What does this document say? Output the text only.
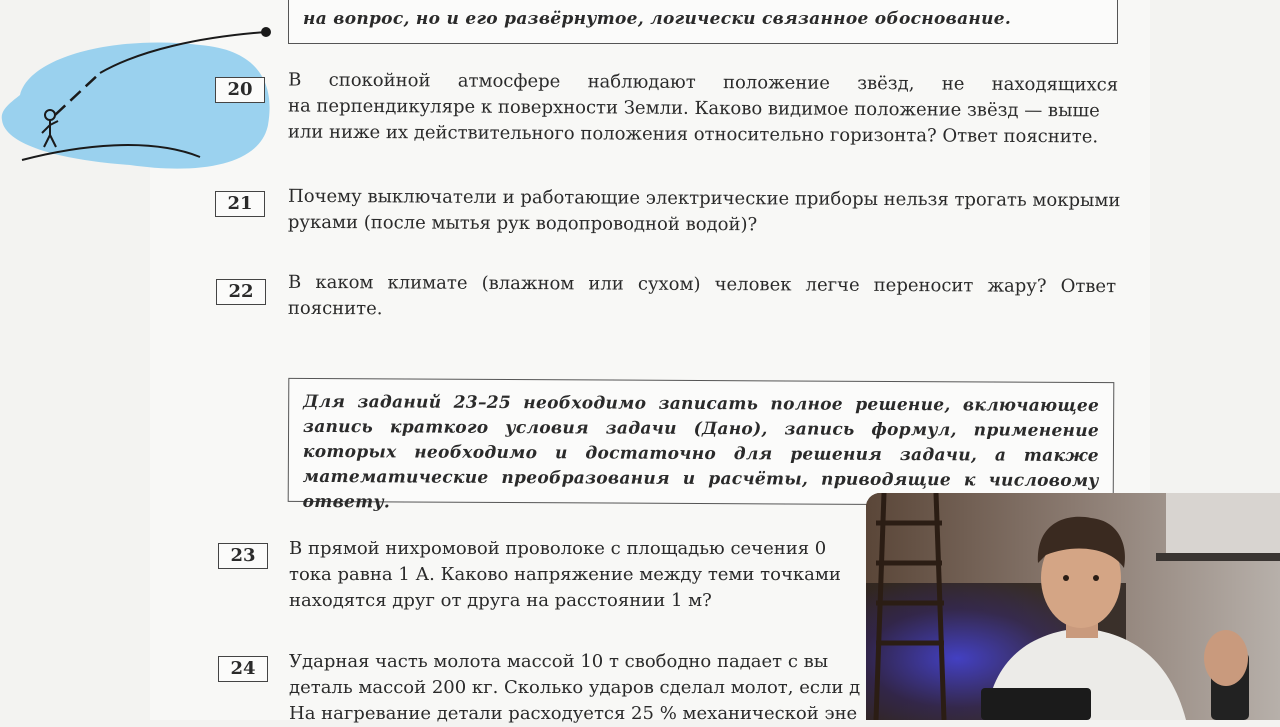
на вопрос, но и его развёрнутое, логически связанное обоснование.
20	В спокойной атмосфере наблюдают положение звёзд, не находящихся
на перпендикуляре к поверхности Земли. Каково видимое положение звёзд — выше
или ниже их действительного положения относительно горизонта? Ответ поясните.
21	Почему выключатели и работающие электрические приборы нельзя трогать мокрыми
руками (после мытья рук водопроводной водой)?
22	В каком климате (влажном или сухом) человек легче переносит жару? Ответ
поясните.
Для заданий 23–25 необходимо записать полное решение, включающее запись краткого условия задачи (Дано), запись формул, применение которых необходимо и достаточно для решения задачи, а также математические преобразования и расчёты, приводящие к числовому ответу.
23	В прямой нихромовой проволоке с площадью сечения 0
тока равна 1 А. Каково напряжение между теми точками
находятся друг от друга на расстоянии 1 м?
24	Ударная часть молота массой 10 т свободно падает с вы
деталь массой 200 кг. Сколько ударов сделал молот, если д
На нагревание детали расходуется 25 % механической эне
